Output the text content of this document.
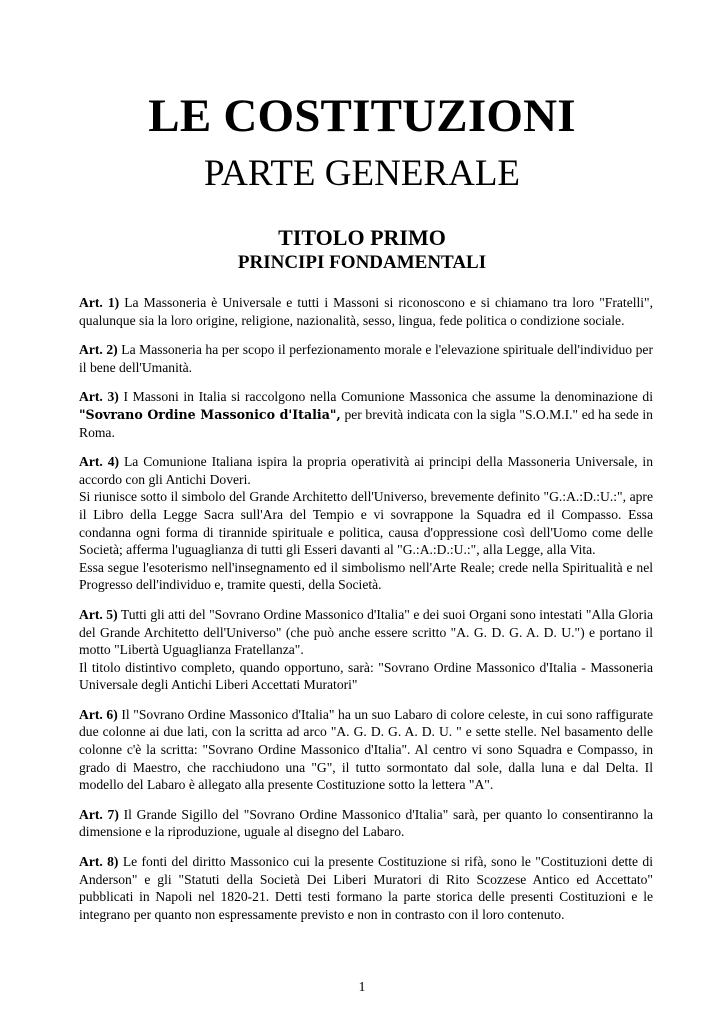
LE COSTITUZIONI
PARTE GENERALE
TITOLO PRIMO
PRINCIPI FONDAMENTALI

Art. 1) La Massoneria è Universale e tutti i Massoni si riconoscono e si chiamano tra loro "Fratelli", qualunque sia la loro origine, religione, nazionalità, sesso, lingua, fede politica o condizione sociale.

Art. 2) La Massoneria ha per scopo il perfezionamento morale e l'elevazione spirituale dell'individuo per il bene dell'Umanità.

Art. 3) I Massoni in Italia si raccolgono nella Comunione Massonica che assume la denominazione di "Sovrano Ordine Massonico d'Italia", per brevità indicata con la sigla "S.O.M.I." ed ha sede in Roma.

Art. 4) La Comunione Italiana ispira la propria operatività ai principi della Massoneria Universale, in accordo con gli Antichi Doveri.

Si riunisce sotto il simbolo del Grande Architetto dell'Universo, brevemente definito "G.:A.:D.:U.:", apre il Libro della Legge Sacra sull'Ara del Tempio e vi sovrappone la Squadra ed il Compasso. Essa condanna ogni forma di tirannide spirituale e politica, causa d'oppressione così dell'Uomo come delle Società; afferma l'uguaglianza di tutti gli Esseri davanti al "G.:A.:D.:U.:", alla Legge, alla Vita.

Essa segue l'esoterismo nell'insegnamento ed il simbolismo nell'Arte Reale; crede nella Spiritualità e nel Progresso dell'individuo e, tramite questi, della Società.

Art. 5) Tutti gli atti del "Sovrano Ordine Massonico d'Italia" e dei suoi Organi sono intestati "Alla Gloria del Grande Architetto dell'Universo" (che può anche essere scritto "A. G. D. G. A. D. U.") e portano il motto "Libertà Uguaglianza Fratellanza".

Il titolo distintivo completo, quando opportuno, sarà: "Sovrano Ordine Massonico d'Italia - Massoneria Universale degli Antichi Liberi Accettati Muratori"

Art. 6) Il "Sovrano Ordine Massonico d'Italia" ha un suo Labaro di colore celeste, in cui sono raffigurate due colonne ai due lati, con la scritta ad arco "A. G. D. G. A. D. U. " e sette stelle. Nel basamento delle colonne c'è la scritta: "Sovrano Ordine Massonico d'Italia". Al centro vi sono Squadra e Compasso, in grado di Maestro, che racchiudono una "G", il tutto sormontato dal sole, dalla luna e dal Delta. Il modello del Labaro è allegato alla presente Costituzione sotto la lettera "A".

Art. 7) Il Grande Sigillo del "Sovrano Ordine Massonico d'Italia" sarà, per quanto lo consentiranno la dimensione e la riproduzione, uguale al disegno del Labaro.

Art. 8) Le fonti del diritto Massonico cui la presente Costituzione si rifà, sono le "Costituzioni dette di Anderson" e gli "Statuti della Società Dei Liberi Muratori di Rito Scozzese Antico ed Accettato" pubblicati in Napoli nel 1820-21. Detti testi formano la parte storica delle presenti Costituzioni e le integrano per quanto non espressamente previsto e non in contrasto con il loro contenuto.

1
